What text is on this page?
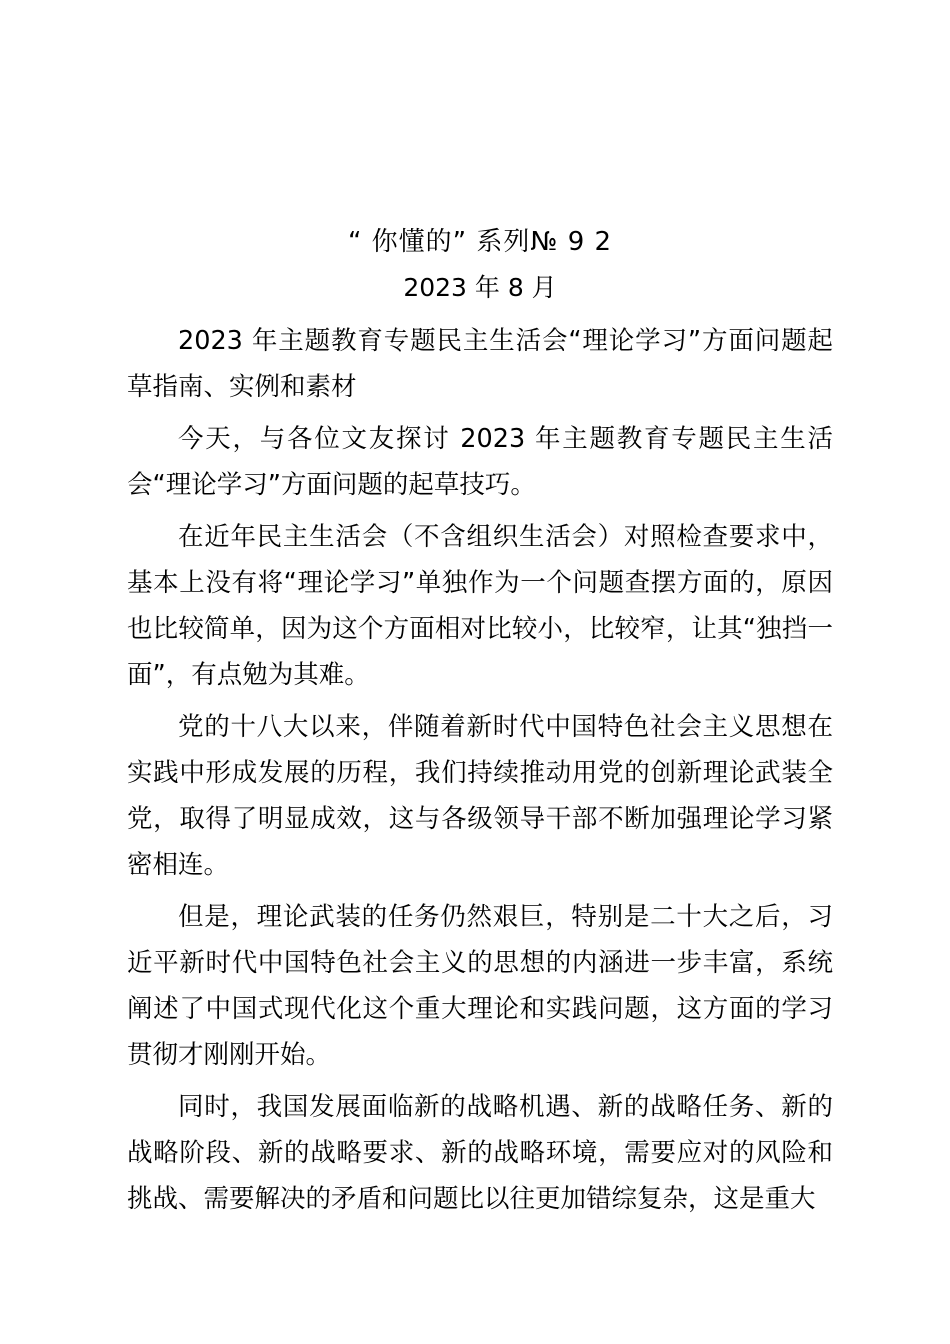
“ 你懂的” 系列№ 9 2

2023 年 8 月

2023 年主题教育专题民主生活会“理论学习”方面问题起草指南、实例和素材

今天，与各位文友探讨 2023 年主题教育专题民主生活会“理论学习”方面问题的起草技巧。

在近年民主生活会（不含组织生活会）对照检查要求中，基本上没有将“理论学习”单独作为一个问题查摆方面的，原因也比较简单，因为这个方面相对比较小，比较窄，让其“独挡一面”，有点勉为其难。

党的十八大以来，伴随着新时代中国特色社会主义思想在实践中形成发展的历程，我们持续推动用党的创新理论武装全党，取得了明显成效，这与各级领导干部不断加强理论学习紧密相连。

但是，理论武装的任务仍然艰巨，特别是二十大之后，习近平新时代中国特色社会主义的思想的内涵进一步丰富，系统阐述了中国式现代化这个重大理论和实践问题，这方面的学习贯彻才刚刚开始。

同时，我国发展面临新的战略机遇、新的战略任务、新的战略阶段、新的战略要求、新的战略环境，需要应对的风险和挑战、需要解决的矛盾和问题比以往更加错综复杂，这是重大
